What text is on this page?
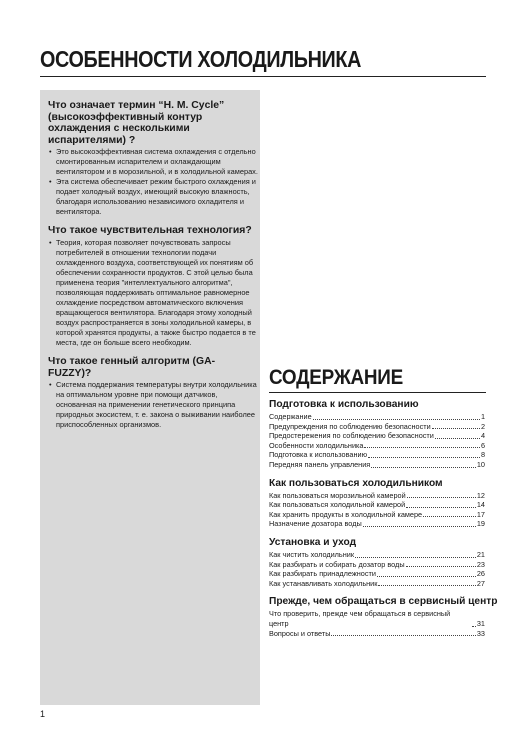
ОСОБЕННОСТИ ХОЛОДИЛЬНИКА
Что означает термин “H. M. Cycle” (высокоэффективный контур охлаждения с несколькими испарителями) ?
• Это высокоэффективная система охлаждения с отдельно смонтированным испарителем и охлаждающим вентилятором и в морозильной, и в холодильной камерах.
• Эта система обеспечивает режим быстрого охлаждения и подает холодный воздух, имеющий высокую влажность, благодаря использованию независимого охладителя и вентилятора.
Что такое чувствительная технология?
• Теория, которая позволяет почувствовать запросы потребителей в отношении технологии подачи охлажденного воздуха, соответствующей их понятиям об обеспечении сохранности продуктов. С этой целью была применена теория "интеллектуального алгоритма", позволяющая поддерживать оптимальное равномерное охлаждение посредством автоматического включения вращающегося вентилятора. Благодаря этому холодный воздух распространяется в зоны холодильной камеры, в которой хранятся продукты, а также быстро подается в те места, где он больше всего необходим.
Что такое генный алгоритм (GA-FUZZY)?
• Система поддержания температуры внутри холодильника на оптимальном уровне при помощи датчиков, основанная на применении генетического принципа природных экосистем, т. е. закона о выживании наиболее приспособленных организмов.
СОДЕРЖАНИЕ
Подготовка к использованию
Содержание	1
Предупреждения по соблюдению безопасности	2
Предостережения по соблюдению безопасности	4
Особенности холодильника	6
Подготовка к использованию	8
Передняя панель управления	10
Как пользоваться холодильником
Как пользоваться морозильной камерой	12
Как пользоваться холодильной камерой	14
Как хранить продукты в холодильной камере	17
Назначение дозатора воды	19
Установка и уход
Как чистить холодильник	21
Как разбирать и собирать дозатор воды	23
Как разбирать принадлежности	26
Как устанавливать холодильник	27
Прежде, чем обращаться в сервисный центр
Что проверить, прежде чем обращаться в сервисный центр	31
Вопросы и ответы	33
1
